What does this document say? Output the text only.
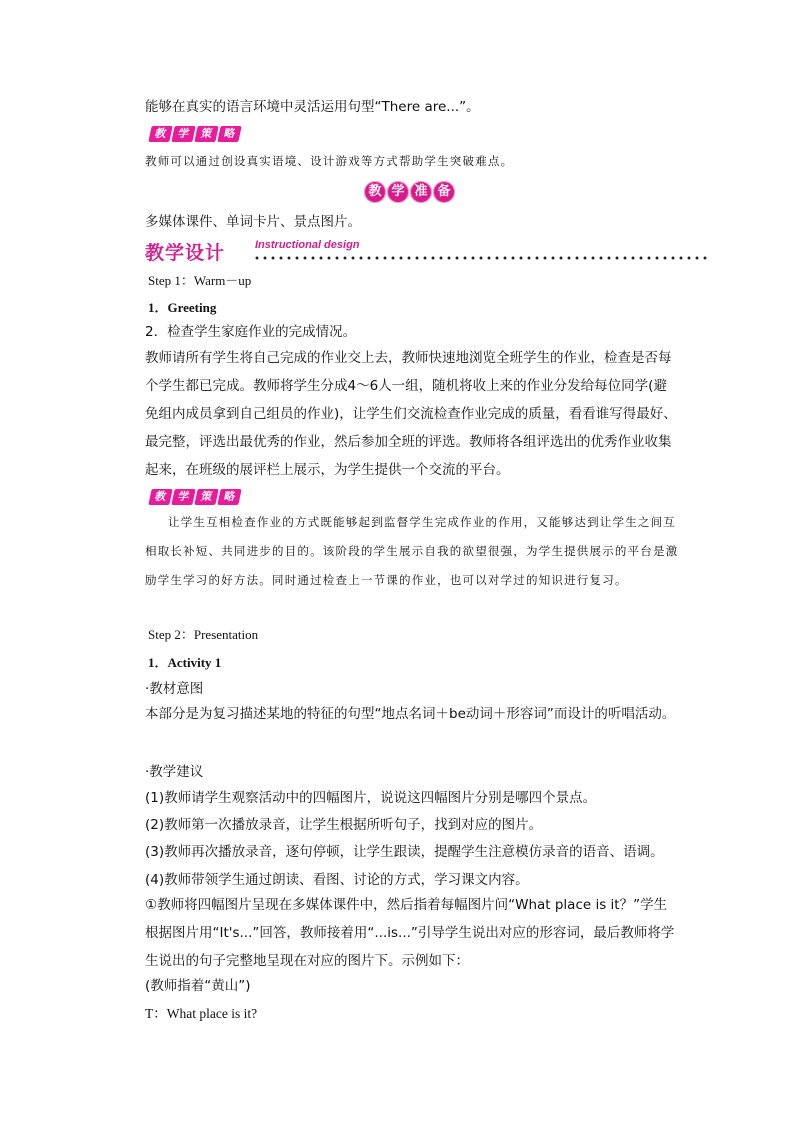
能够在真实的语言环境中灵活运用句型“There are...”。
教 学 策 略
教师可以通过创设真实语境、设计游戏等方式帮助学生突破难点。
教 学 准 备
多媒体课件、单词卡片、景点图片。
教学设计	Instructional design
Step 1：Warm－up
1．Greeting
2．检查学生家庭作业的完成情况。
教师请所有学生将自己完成的作业交上去，教师快速地浏览全班学生的作业，检查是否每个学生都已完成。教师将学生分成4～6人一组，随机将收上来的作业分发给每位同学(避免组内成员拿到自己组员的作业)，让学生们交流检查作业完成的质量，看看谁写得最好、最完整，评选出最优秀的作业，然后参加全班的评选。教师将各组评选出的优秀作业收集起来，在班级的展评栏上展示，为学生提供一个交流的平台。
教 学 策 略
让学生互相检查作业的方式既能够起到监督学生完成作业的作用，又能够达到让学生之间互相取长补短、共同进步的目的。该阶段的学生展示自我的欲望很强，为学生提供展示的平台是激励学生学习的好方法。同时通过检查上一节课的作业，也可以对学过的知识进行复习。
Step 2：Presentation
1．Activity 1
·教材意图
本部分是为复习描述某地的特征的句型“地点名词＋be动词＋形容词”而设计的听唱活动。
·教学建议
(1)教师请学生观察活动中的四幅图片，说说这四幅图片分别是哪四个景点。
(2)教师第一次播放录音，让学生根据所听句子，找到对应的图片。
(3)教师再次播放录音，逐句停顿，让学生跟读，提醒学生注意模仿录音的语音、语调。
(4)教师带领学生通过朗读、看图、讨论的方式，学习课文内容。
①教师将四幅图片呈现在多媒体课件中，然后指着每幅图片问“What place is it？”学生根据图片用“It's...”回答，教师接着用“...is...”引导学生说出对应的形容词，最后教师将学生说出的句子完整地呈现在对应的图片下。示例如下：
(教师指着“黄山”)
T：What place is it?
